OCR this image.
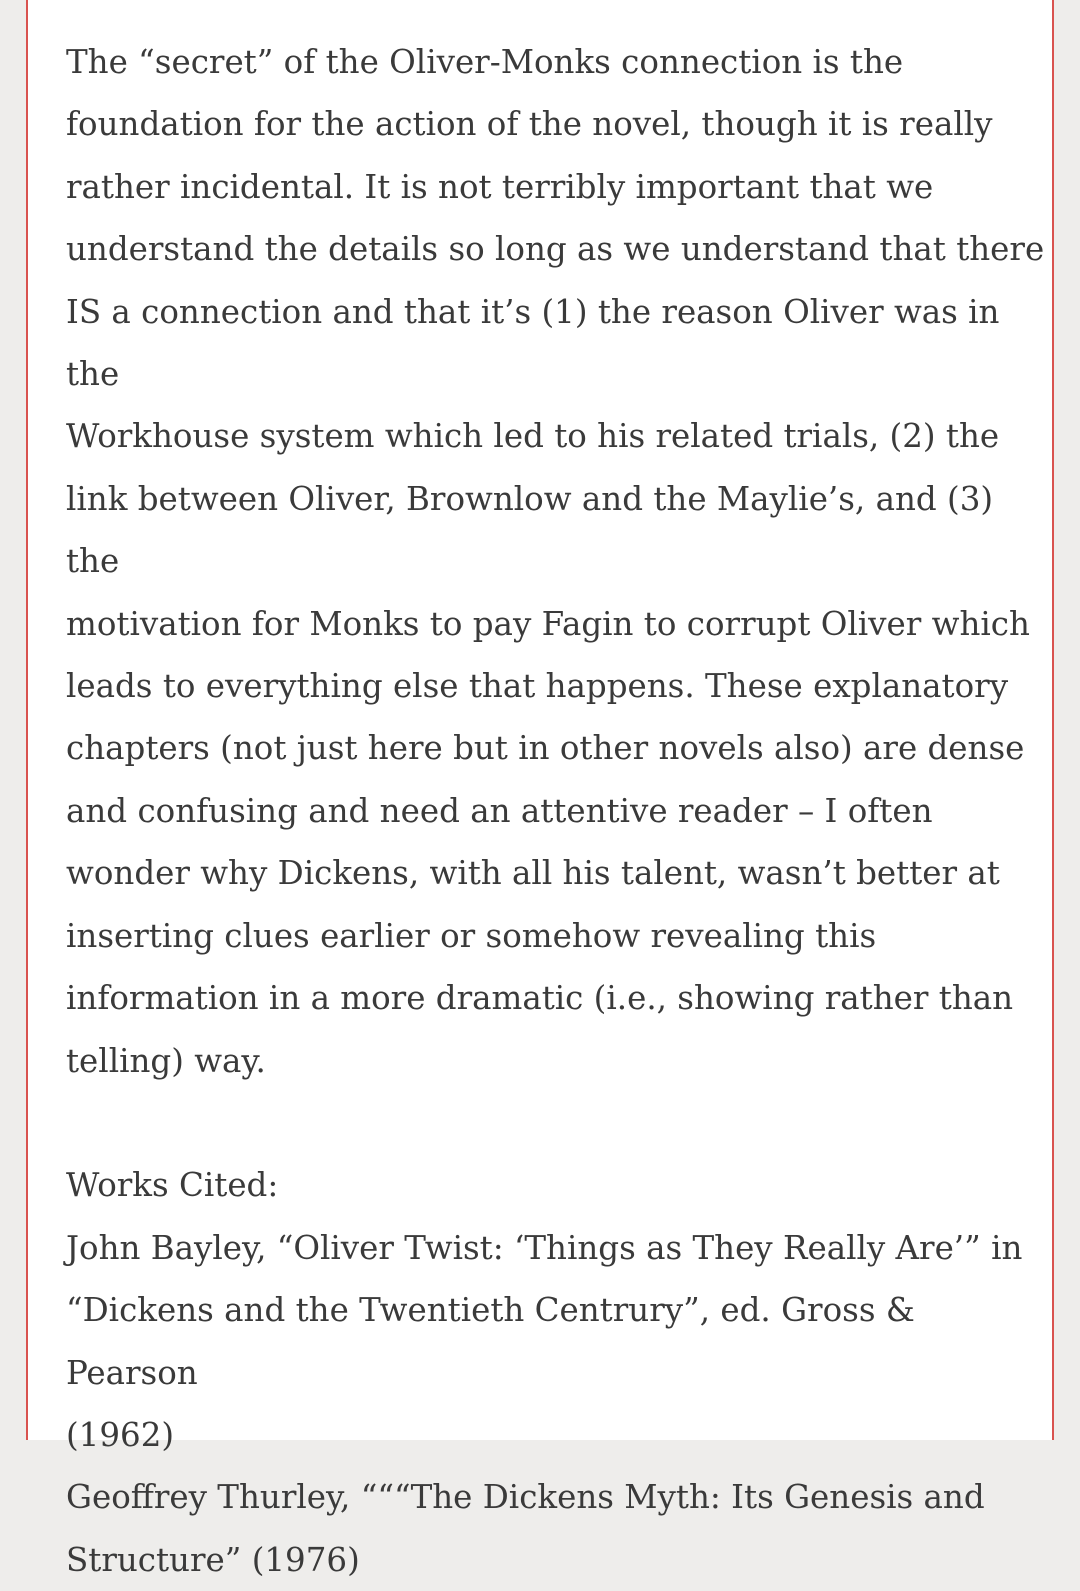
The “secret” of the Oliver-Monks connection is the
foundation for the action of the novel, though it is really
rather incidental. It is not terribly important that we
understand the details so long as we understand that there
IS a connection and that it’s (1) the reason Oliver was in the
Workhouse system which led to his related trials, (2) the
link between Oliver, Brownlow and the Maylie’s, and (3) the
motivation for Monks to pay Fagin to corrupt Oliver which
leads to everything else that happens. These explanatory
chapters (not just here but in other novels also) are dense
and confusing and need an attentive reader – I often
wonder why Dickens, with all his talent, wasn’t better at
inserting clues earlier or somehow revealing this
information in a more dramatic (i.e., showing rather than
telling) way.

Works Cited:

John Bayley, “Oliver Twist: ‘Things as They Really Are’” in
“Dickens and the Twentieth Centrury”, ed. Gross & Pearson
(1962)

Geoffrey Thurley, “““The Dickens Myth: Its Genesis and
Structure” (1976)
